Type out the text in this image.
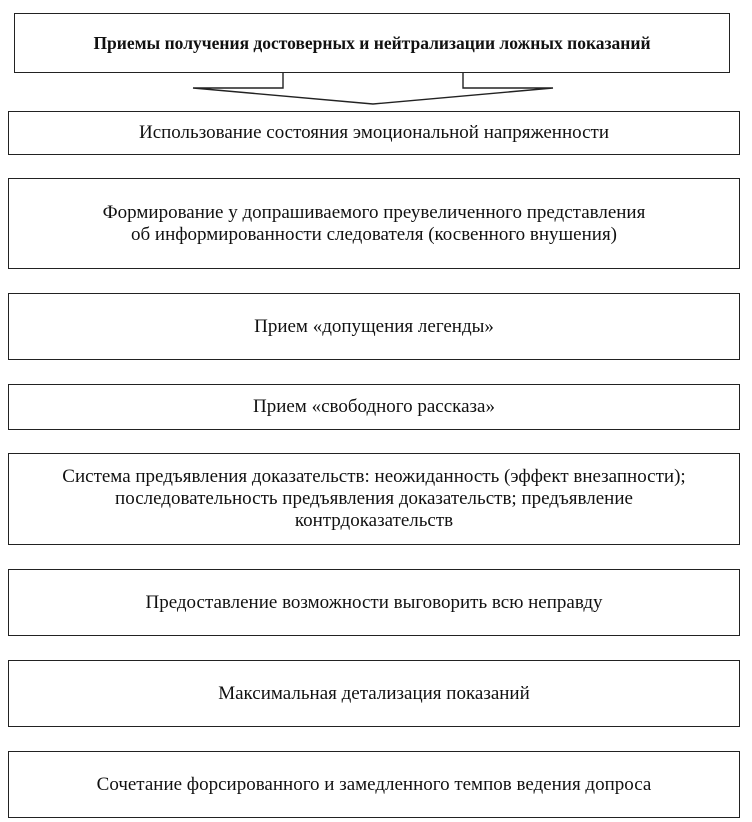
Приемы получения достоверных и нейтрализации ложных показаний
Использование состояния эмоциональной напряженности
Формирование у допрашиваемого преувеличенного представления
об информированности следователя (косвенного внушения)
Прием «допущения легенды»
Прием «свободного рассказа»
Система предъявления доказательств: неожиданность (эффект внезапности);
последовательность предъявления доказательств; предъявление
контрдоказательств
Предоставление возможности выговорить всю неправду
Максимальная детализация показаний
Сочетание форсированного и замедленного темпов ведения допроса
